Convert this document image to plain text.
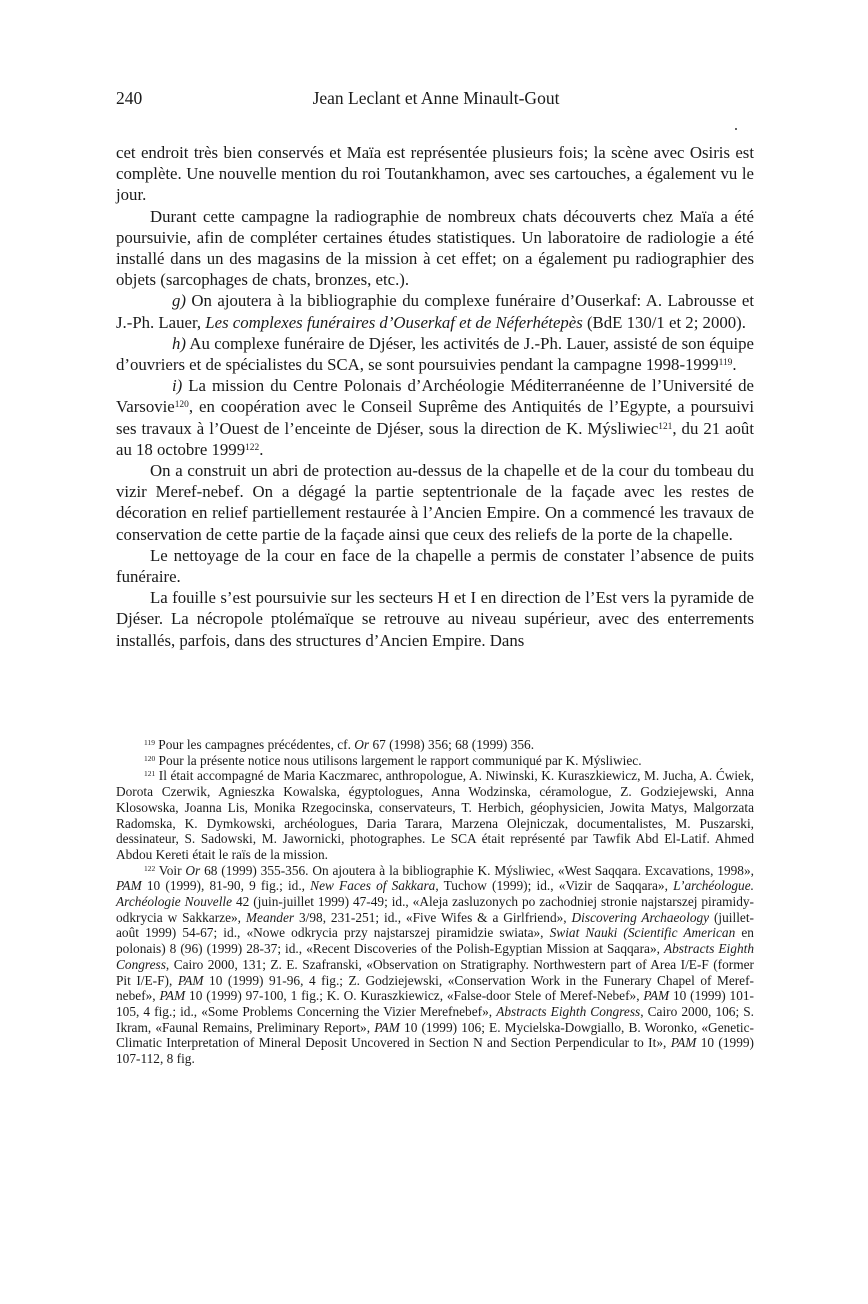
240	Jean Leclant et Anne Minault-Gout

cet endroit très bien conservés et Maïa est représentée plusieurs fois; la scène avec Osiris est complète. Une nouvelle mention du roi Toutankhamon, avec ses cartouches, a également vu le jour.

Durant cette campagne la radiographie de nombreux chats découverts chez Maïa a été poursuivie, afin de compléter certaines études statistiques. Un laboratoire de radiologie a été installé dans un des magasins de la mission à cet effet; on a également pu radiographier des objets (sarcophages de chats, bronzes, etc.).

g) On ajoutera à la bibliographie du complexe funéraire d’Ouserkaf: A. Labrousse et J.-Ph. Lauer, Les complexes funéraires d’Ouserkaf et de Néferhétepès (BdE 130/1 et 2; 2000).

h) Au complexe funéraire de Djéser, les activités de J.-Ph. Lauer, assisté de son équipe d’ouvriers et de spécialistes du SCA, se sont poursuivies pendant la campagne 1998-1999$^{119}$.

i) La mission du Centre Polonais d’Archéologie Méditerranéenne de l’Université de Varsovie$^{120}$, en coopération avec le Conseil Suprême des Antiquités de l’Egypte, a poursuivi ses travaux à l’Ouest de l’enceinte de Djéser, sous la direction de K. Mýsliwiec$^{121}$, du 21 août au 18 octobre 1999$^{122}$.

On a construit un abri de protection au-dessus de la chapelle et de la cour du tombeau du vizir Meref-nebef. On a dégagé la partie septentrionale de la façade avec les restes de décoration en relief partiellement restaurée à l’Ancien Empire. On a commencé les travaux de conservation de cette partie de la façade ainsi que ceux des reliefs de la porte de la chapelle.

Le nettoyage de la cour en face de la chapelle a permis de constater l’absence de puits funéraire.

La fouille s’est poursuivie sur les secteurs H et I en direction de l’Est vers la pyramide de Djéser. La nécropole ptolémaïque se retrouve au niveau supérieur, avec des enterrements installés, parfois, dans des structures d’Ancien Empire. Dans

$^{119}$ Pour les campagnes précédentes, cf. Or 67 (1998) 356; 68 (1999) 356.

$^{120}$ Pour la présente notice nous utilisons largement le rapport communiqué par K. Mýsliwiec.

$^{121}$ Il était accompagné de Maria Kaczmarec, anthropologue, A. Niwinski, K. Kuraszkiewicz, M. Jucha, A. Ćwiek, Dorota Czerwik, Agnieszka Kowalska, égyptologues, Anna Wodzinska, céramologue, Z. Godziejewski, Anna Klosowska, Joanna Lis, Monika Rzegocinska, conservateurs, T. Herbich, géophysicien, Jowita Matys, Malgorzata Radomska, K. Dymkowski, archéologues, Daria Tarara, Marzena Olejniczak, documentalistes, M. Puszarski, dessinateur, S. Sadowski, M. Jawornicki, photographes. Le SCA était représenté par Tawfik Abd El-Latif. Ahmed Abdou Kereti était le raïs de la mission.

$^{122}$ Voir Or 68 (1999) 355-356. On ajoutera à la bibliographie K. Mýsliwiec, «West Saqqara. Excavations, 1998», PAM 10 (1999), 81-90, 9 fig.; id., New Faces of Sakkara, Tuchow (1999); id., «Vizir de Saqqara», L’archéologue. Archéologie Nouvelle 42 (juin-juillet 1999) 47-49; id., «Aleja zasluzonych po zachodniej stronie najstarszej piramidy-odkrycia w Sakkarze», Meander 3/98, 231-251; id., «Five Wifes & a Girlfriend», Discovering Archaeology (juillet-août 1999) 54-67; id., «Nowe odkrycia przy najstarszej piramidzie swiata», Swiat Nauki (Scientific American en polonais) 8 (96) (1999) 28-37; id., «Recent Discoveries of the Polish-Egyptian Mission at Saqqara», Abstracts Eighth Congress, Cairo 2000, 131; Z. E. Szafranski, «Observation on Stratigraphy. Northwestern part of Area I/E-F (former Pit I/E-F), PAM 10 (1999) 91-96, 4 fig.; Z. Godziejewski, «Conservation Work in the Funerary Chapel of Meref-nebef», PAM 10 (1999) 97-100, 1 fig.; K. O. Kuraszkiewicz, «False-door Stele of Meref-Nebef», PAM 10 (1999) 101-105, 4 fig.; id., «Some Problems Concerning the Vizier Merefnebef», Abstracts Eighth Congress, Cairo 2000, 106; S. Ikram, «Faunal Remains, Preliminary Report», PAM 10 (1999) 106; E. Mycielska-Dowgiallo, B. Woronko, «Genetic-Climatic Interpretation of Mineral Deposit Uncovered in Section N and Section Perpendicular to It», PAM 10 (1999) 107-112, 8 fig.
